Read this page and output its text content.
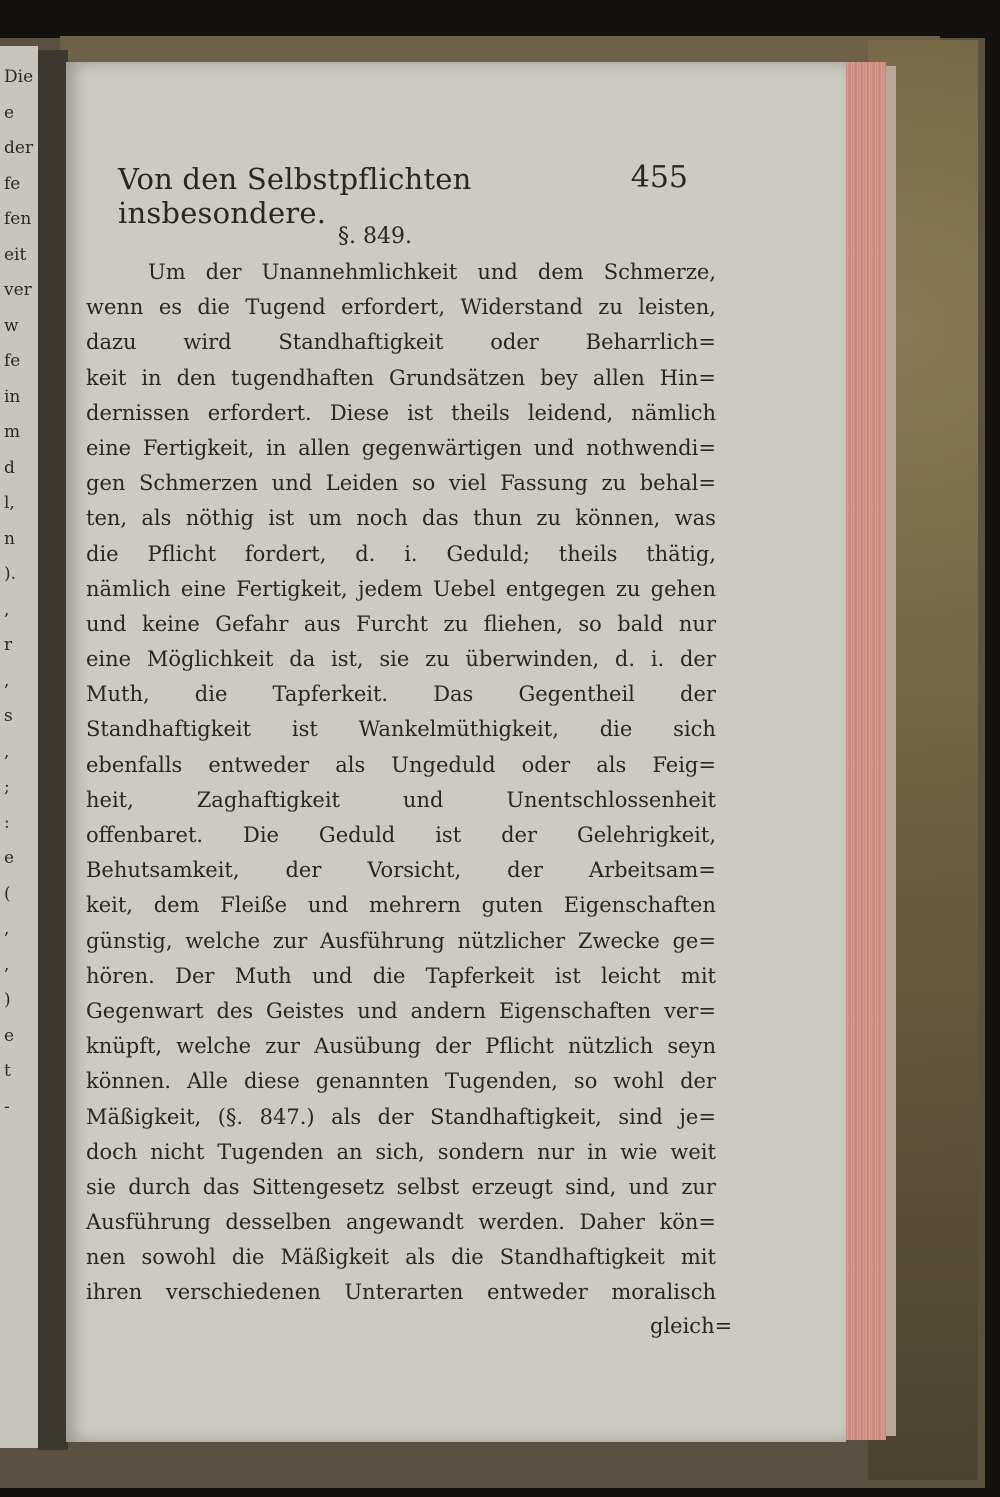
Die
e
der
fe
fen
eit
ver
w
fe
in
m
d
l,
n
).
,
r
,
s
,
;
:
e
(
,
,
)
e
t
-
Von den Selbstpflichten insbesondere.
455
§. 849.
Um der Unannehmlichkeit und dem Schmerze,
wenn es die Tugend erfordert, Widerstand zu leisten,
dazu wird Standhaftigkeit oder Beharrlich=
keit in den tugendhaften Grundsätzen bey allen Hin=
dernissen erfordert. Diese ist theils leidend, nämlich
eine Fertigkeit, in allen gegenwärtigen und nothwendi=
gen Schmerzen und Leiden so viel Fassung zu behal=
ten, als nöthig ist um noch das thun zu können, was
die Pflicht fordert, d. i. Geduld; theils thätig,
nämlich eine Fertigkeit, jedem Uebel entgegen zu gehen
und keine Gefahr aus Furcht zu fliehen, so bald nur
eine Möglichkeit da ist, sie zu überwinden, d. i. der
Muth, die Tapferkeit. Das Gegentheil der
Standhaftigkeit ist Wankelmüthigkeit, die sich
ebenfalls entweder als Ungeduld oder als Feig=
heit,	Zaghaftigkeit	und	Unentschlossenheit
offenbaret. Die Geduld ist der Gelehrigkeit,
Behutsamkeit, der Vorsicht, der Arbeitsam=
keit, dem Fleiße und mehrern guten Eigenschaften
günstig, welche zur Ausführung nützlicher Zwecke ge=
hören. Der Muth und die Tapferkeit ist leicht mit
Gegenwart des Geistes und andern Eigenschaften ver=
knüpft, welche zur Ausübung der Pflicht nützlich seyn
können. Alle diese genannten Tugenden, so wohl der
Mäßigkeit, (§. 847.) als der Standhaftigkeit, sind je=
doch nicht Tugenden an sich, sondern nur in wie weit
sie durch das Sittengesetz selbst erzeugt sind, und zur
Ausführung desselben angewandt werden. Daher kön=
nen sowohl die Mäßigkeit als die Standhaftigkeit mit
ihren verschiedenen Unterarten entweder moralisch
gleich=
